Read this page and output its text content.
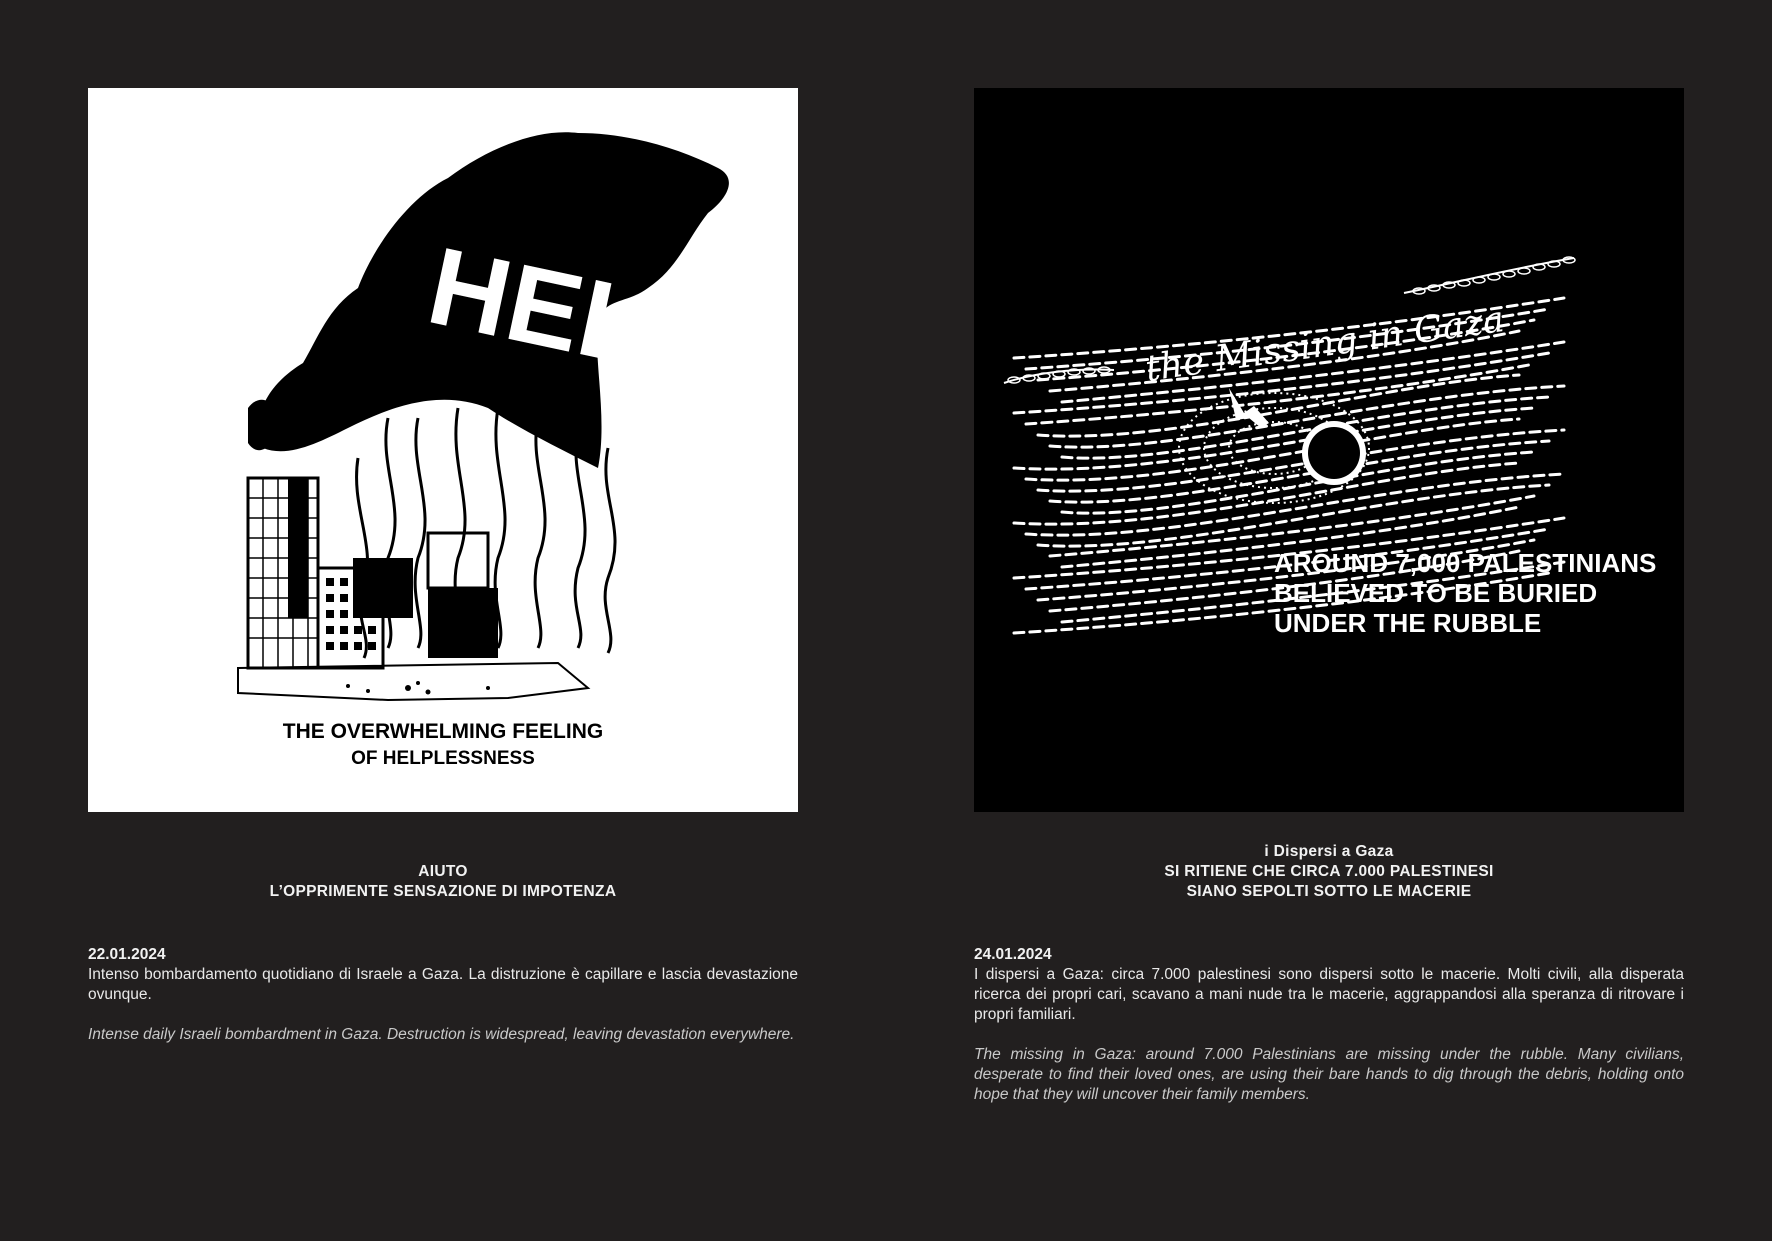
HELP
THE OVERWHELMING FEELING
OF HELPLESSNESS
AIUTO
L’OPPRIMENTE SENSAZIONE DI IMPOTENZA
22.01.2024
Intenso bombardamento quotidiano di Israele a Gaza. La distruzione è capillare e lascia devastazione ovunque.
Intense daily Israeli bombardment in Gaza. Destruction is widespread, leaving devastation everywhere.
the Missing in Gaza
AROUND 7,000 PALESTINIANS
BELIEVED TO BE BURIED
UNDER THE RUBBLE
i Dispersi a Gaza
SI RITIENE CHE CIRCA 7.000 PALESTINESI
SIANO SEPOLTI SOTTO LE MACERIE
24.01.2024
I dispersi a Gaza: circa 7.000 palestinesi sono dispersi sotto le macerie. Molti civili, alla disperata ricerca dei propri cari, scavano a mani nude tra le macerie, aggrappandosi alla speranza di ritrovare i propri familiari.
The missing in Gaza: around 7.000 Palestinians are missing under the rubble. Many civilians, desperate to find their loved ones, are using their bare hands to dig through the debris, holding onto hope that they will uncover their family members.
